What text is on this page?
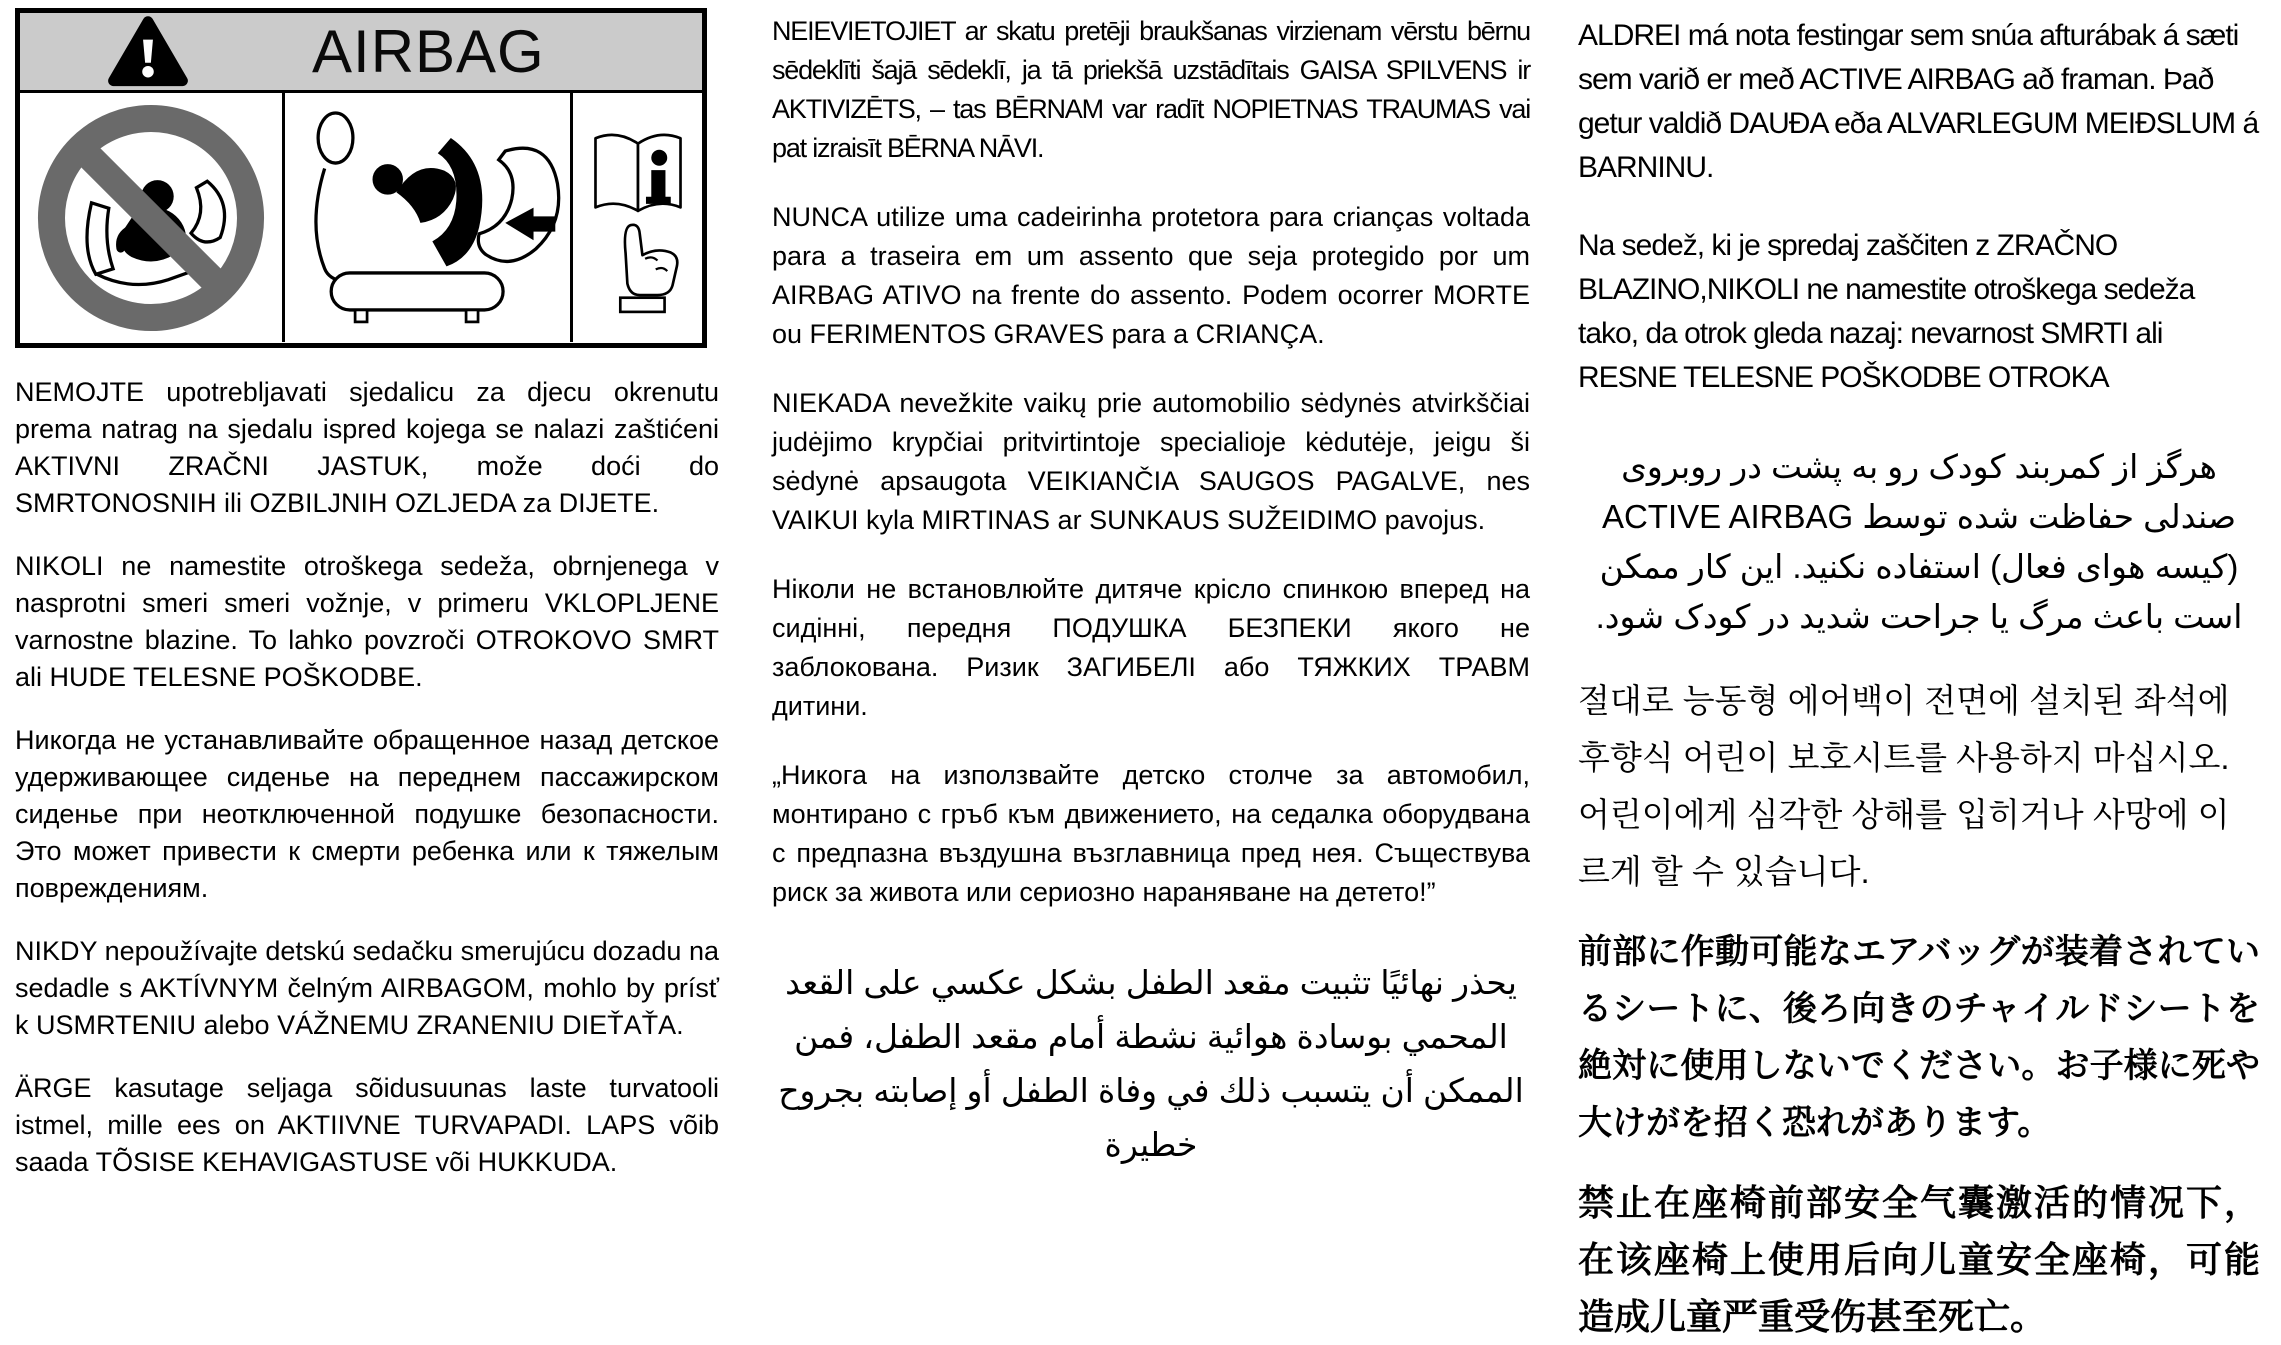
AIRBAG

NEMOJTE upotrebljavati sjedalicu za djecu okrenutu prema natrag na sjedalu ispred kojega se nalazi zaštićeni AKTIVNI ZRAČNI JASTUK, može doći do SMRTONOSNIH ili OZBILJNIH OZLJEDA za DIJETE.

NIKOLI ne namestite otroškega sedeža, obrnjenega v nasprotni smeri smeri vožnje, v primeru VKLOPLJENE varnostne blazine. To lahko povzroči OTROKOVO SMRT ali HUDE TELESNE POŠKODBE.

Никогда не устанавливайте обращенное назад детское удерживающее сиденье на переднем пассажирском сиденье при неотключенной подушке безопасности. Это может привести к смерти ребенка или к тяжелым повреждениям.

NIKDY nepoužívajte detskú sedačku smerujúcu dozadu na sedadle s AKTÍVNYM čelným AIRBAGOM, mohlo by prísť k USMRTENIU alebo VÁŽNEMU ZRANENIU DIEŤAŤA.

ÄRGE kasutage seljaga sõidusuunas laste turvatooli istmel, mille ees on AKTIIVNE TURVAPADI. LAPS võib saada TÕSISE KEHAVIGASTUSE või HUKKUDA.

NEIEVIETOJIET ar skatu pretēji braukšanas virzienam vērstu bērnu sēdeklīti šajā sēdeklī, ja tā priekšā uzstādītais GAISA SPILVENS ir AKTIVIZĒTS, – tas BĒRNAM var radīt NOPIETNAS TRAUMAS vai pat izraisīt BĒRNA NĀVI.

NUNCA utilize uma cadeirinha protetora para crianças voltada para a traseira em um assento que seja protegido por um AIRBAG ATIVO na frente do assento. Podem ocorrer MORTE ou FERIMENTOS GRAVES para a CRIANÇA.

NIEKADA nevežkite vaikų prie automobilio sėdynės atvirkščiai judėjimo krypčiai pritvirtintoje specialioje kėdutėje, jeigu ši sėdynė apsaugota VEIKIANČIA SAUGOS PAGALVE, nes VAIKUI kyla MIRTINAS ar SUNKAUS SUŽEIDIMO pavojus.

Ніколи не встановлюйте дитяче крісло спинкою вперед на сидінні, передня ПОДУШКА БЕЗПЕКИ якого не заблокована. Ризик ЗАГИБЕЛІ або ТЯЖКИХ ТРАВМ дитини.

„Никога на използвайте детско столче за автомобил, монтирано с гръб към движението, на седалка оборудвана с предпазна въздушна възглавница пред нея. Съществува риск за живота или сериозно нараняване на детето!”

يحذر نهائيًا تثبيت مقعد الطفل بشكل عكسي على القعد المحمي بوسادة هوائية نشطة أمام مقعد الطفل، فمن الممكن أن يتسبب ذلك في وفاة الطفل أو إصابته بجروح خطيرة

ALDREI má nota festingar sem snúa afturábak á sæti sem varið er með ACTIVE AIRBAG að framan. Það getur valdið DAUÐA eða ALVARLEGUM MEIÐSLUM á BARNINU.

Na sedež, ki je spredaj zaščiten z ZRAČNO BLAZINO,NIKOLI ne namestite otroškega sedeža tako, da otrok gleda nazaj: nevarnost SMRTI ali RESNE TELESNE POŠKODBE OTROKA

هرگز از کمربند کودک رو به پشت در روبروی صندلی حفاظت شده توسط ACTIVE AIRBAG (کیسه هوای فعال) استفاده نکنید. این کار ممکن است باعث مرگ یا جراحت شدید در کودک شود.

절대로 능동형 에어백이 전면에 설치된 좌석에 후향식 어린이 보호시트를 사용하지 마십시오. 어린이에게 심각한 상해를 입히거나 사망에 이르게 할 수 있습니다.

前部に作動可能なエアバッグが装着されているシートに、後ろ向きのチャイルドシートを絶対に使用しないでください。お子様に死や大けがを招く恐れがあります。

禁止在座椅前部安全气囊激活的情况下，在该座椅上使用后向儿童安全座椅，可能造成儿童严重受伤甚至死亡。
